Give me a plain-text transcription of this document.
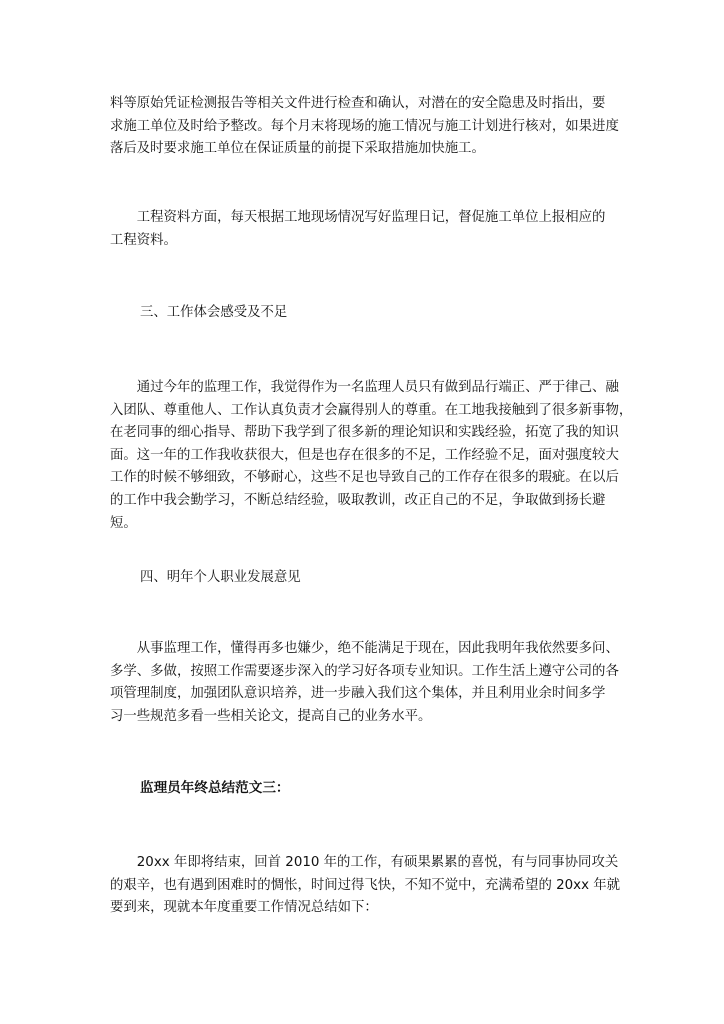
料等原始凭证检测报告等相关文件进行检查和确认，对潜在的安全隐患及时指出，要

求施工单位及时给予整改。每个月末将现场的施工情况与施工计划进行核对，如果进度

落后及时要求施工单位在保证质量的前提下采取措施加快施工。

　　工程资料方面，每天根据工地现场情况写好监理日记，督促施工单位上报相应的

工程资料。

三、工作体会感受及不足

　　通过今年的监理工作，我觉得作为一名监理人员只有做到品行端正、严于律己、融

入团队、尊重他人、工作认真负责才会赢得别人的尊重。在工地我接触到了很多新事物，

在老同事的细心指导、帮助下我学到了很多新的理论知识和实践经验，拓宽了我的知识

面。这一年的工作我收获很大，但是也存在很多的不足，工作经验不足，面对强度较大

工作的时候不够细致，不够耐心，这些不足也导致自己的工作存在很多的瑕疵。在以后

的工作中我会勤学习，不断总结经验，吸取教训，改正自己的不足，争取做到扬长避

短。

四、明年个人职业发展意见

　　从事监理工作，懂得再多也嫌少，绝不能满足于现在，因此我明年我依然要多问、

多学、多做，按照工作需要逐步深入的学习好各项专业知识。工作生活上遵守公司的各

项管理制度，加强团队意识培养，进一步融入我们这个集体，并且利用业余时间多学

习一些规范多看一些相关论文，提高自己的业务水平。

监理员年终总结范文三：

　　20xx 年即将结束，回首 2010 年的工作，有硕果累累的喜悦，有与同事协同攻关

的艰辛，也有遇到困难时的惆怅，时间过得飞快，不知不觉中，充满希望的 20xx 年就

要到来，现就本年度重要工作情况总结如下：
